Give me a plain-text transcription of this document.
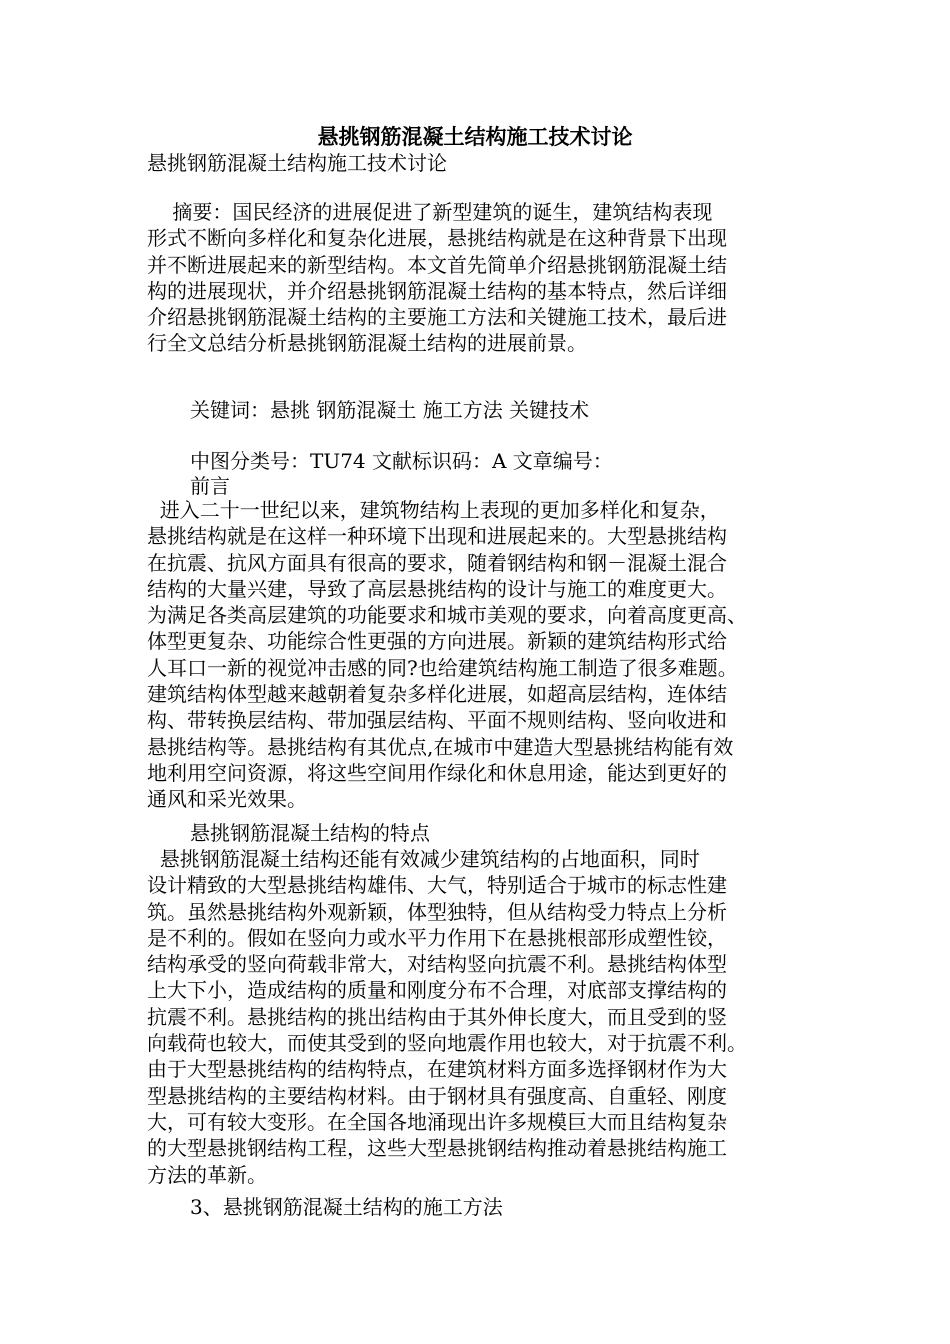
悬挑钢筋混凝土结构施工技术讨论
悬挑钢筋混凝土结构施工技术讨论
摘要：国民经济的进展促进了新型建筑的诞生，建筑结构表现
形式不断向多样化和复杂化进展，悬挑结构就是在这种背景下出现
并不断进展起来的新型结构。本文首先简单介绍悬挑钢筋混凝土结
构的进展现状，并介绍悬挑钢筋混凝土结构的基本特点，然后详细
介绍悬挑钢筋混凝土结构的主要施工方法和关键施工技术，最后进
行全文总结分析悬挑钢筋混凝土结构的进展前景。
关键词：悬挑 钢筋混凝土 施工方法 关键技术
中图分类号：TU74 文献标识码：A 文章编号：
前言
进入二十一世纪以来，建筑物结构上表现的更加多样化和复杂，
悬挑结构就是在这样一种环境下出现和进展起来的。大型悬挑结构
在抗震、抗风方面具有很高的要求，随着钢结构和钢－混凝土混合
结构的大量兴建，导致了高层悬挑结构的设计与施工的难度更大。
为满足各类高层建筑的功能要求和城市美观的要求，向着高度更高、
体型更复杂、功能综合性更强的方向进展。新颖的建筑结构形式给
人耳口一新的视觉冲击感的同?也给建筑结构施工制造了很多难题。
建筑结构体型越来越朝着复杂多样化进展，如超高层结构，连体结
构、带转换层结构、带加强层结构、平面不规则结构、竖向收进和
悬挑结构等。悬挑结构有其优点,在城市中建造大型悬挑结构能有效
地利用空问资源，将这些空间用作绿化和休息用途，能达到更好的
通风和采光效果。
悬挑钢筋混凝土结构的特点
悬挑钢筋混凝土结构还能有效减少建筑结构的占地面积，同时
设计精致的大型悬挑结构雄伟、大气，特别适合于城市的标志性建
筑。虽然悬挑结构外观新颖，体型独特，但从结构受力特点上分析
是不利的。假如在竖向力或水平力作用下在悬挑根部形成塑性铰，
结构承受的竖向荷载非常大，对结构竖向抗震不利。悬挑结构体型
上大下小，造成结构的质量和刚度分布不合理，对底部支撑结构的
抗震不利。悬挑结构的挑出结构由于其外伸长度大，而且受到的竖
向载荷也较大，而使其受到的竖向地震作用也较大，对于抗震不利。
由于大型悬挑结构的结构特点，在建筑材料方面多选择钢材作为大
型悬挑结构的主要结构材料。由于钢材具有强度高、自重轻、刚度
大，可有较大变形。在全国各地涌现出许多规模巨大而且结构复杂
的大型悬挑钢结构工程，这些大型悬挑钢结构推动着悬挑结构施工
方法的革新。
3、悬挑钢筋混凝土结构的施工方法
